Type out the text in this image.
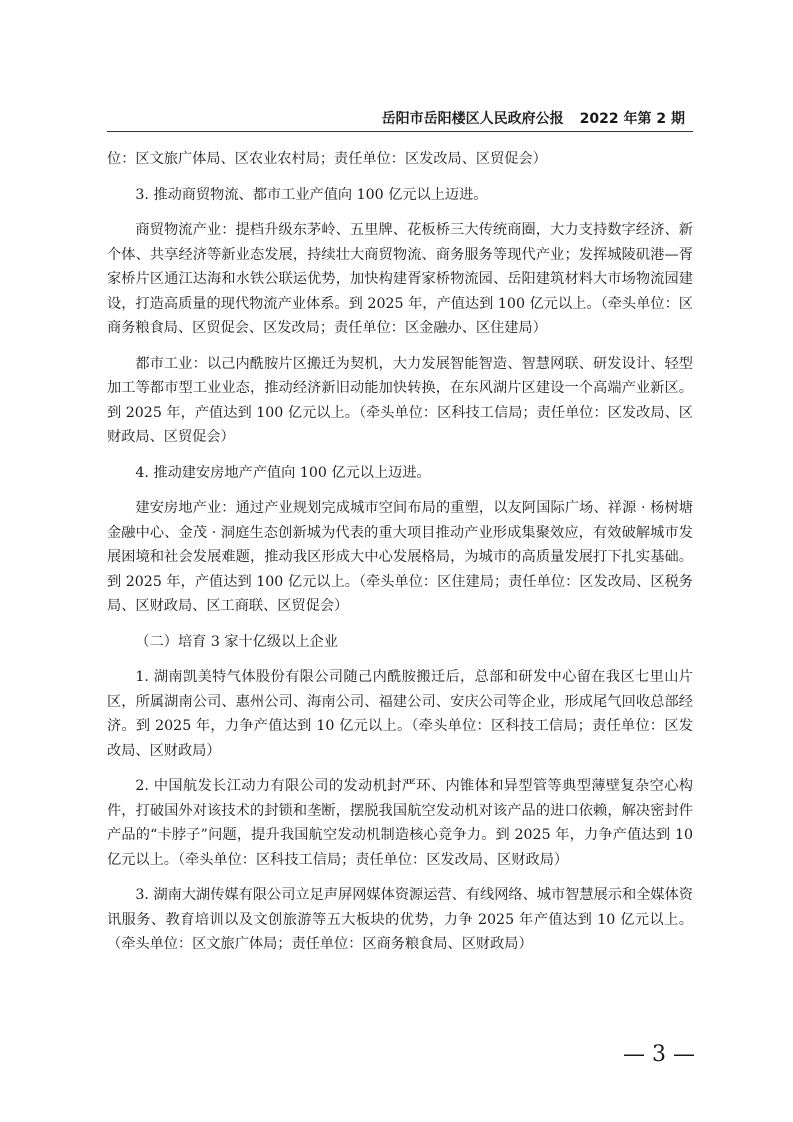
岳阳市岳阳楼区人民政府公报 2022 年第 2 期

位：区文旅广体局、区农业农村局；责任单位：区发改局、区贸促会）

3. 推动商贸物流、都市工业产值向 100 亿元以上迈进。

商贸物流产业：提档升级东茅岭、五里牌、花板桥三大传统商圈，大力支持数字经济、新个体、共享经济等新业态发展，持续壮大商贸物流、商务服务等现代产业；发挥城陵矶港—胥家桥片区通江达海和水铁公联运优势，加快构建胥家桥物流园、岳阳建筑材料大市场物流园建设，打造高质量的现代物流产业体系。到 2025 年，产值达到 100 亿元以上。（牵头单位：区商务粮食局、区贸促会、区发改局；责任单位：区金融办、区住建局）

都市工业：以己内酰胺片区搬迁为契机，大力发展智能智造、智慧网联、研发设计、轻型加工等都市型工业业态，推动经济新旧动能加快转换，在东风湖片区建设一个高端产业新区。到 2025 年，产值达到 100 亿元以上。（牵头单位：区科技工信局；责任单位：区发改局、区财政局、区贸促会）

4. 推动建安房地产产值向 100 亿元以上迈进。

建安房地产业：通过产业规划完成城市空间布局的重塑，以友阿国际广场、祥源 · 杨树塘金融中心、金茂 · 洞庭生态创新城为代表的重大项目推动产业形成集聚效应，有效破解城市发展困境和社会发展难题，推动我区形成大中心发展格局，为城市的高质量发展打下扎实基础。到 2025 年，产值达到 100 亿元以上。（牵头单位：区住建局；责任单位：区发改局、区税务局、区财政局、区工商联、区贸促会）

（二）培育 3 家十亿级以上企业

1. 湖南凯美特气体股份有限公司随己内酰胺搬迁后，总部和研发中心留在我区七里山片区，所属湖南公司、惠州公司、海南公司、福建公司、安庆公司等企业，形成尾气回收总部经济。到 2025 年，力争产值达到 10 亿元以上。（牵头单位：区科技工信局；责任单位：区发改局、区财政局）

2. 中国航发长江动力有限公司的发动机封严环、内锥体和异型管等典型薄壁复杂空心构件，打破国外对该技术的封锁和垄断，摆脱我国航空发动机对该产品的进口依赖，解决密封件产品的“卡脖子”问题，提升我国航空发动机制造核心竞争力。到 2025 年，力争产值达到 10 亿元以上。（牵头单位：区科技工信局；责任单位：区发改局、区财政局）

3. 湖南大湖传媒有限公司立足声屏网媒体资源运营、有线网络、城市智慧展示和全媒体资讯服务、教育培训以及文创旅游等五大板块的优势，力争 2025 年产值达到 10 亿元以上。（牵头单位：区文旅广体局；责任单位：区商务粮食局、区财政局）

— 3 —
